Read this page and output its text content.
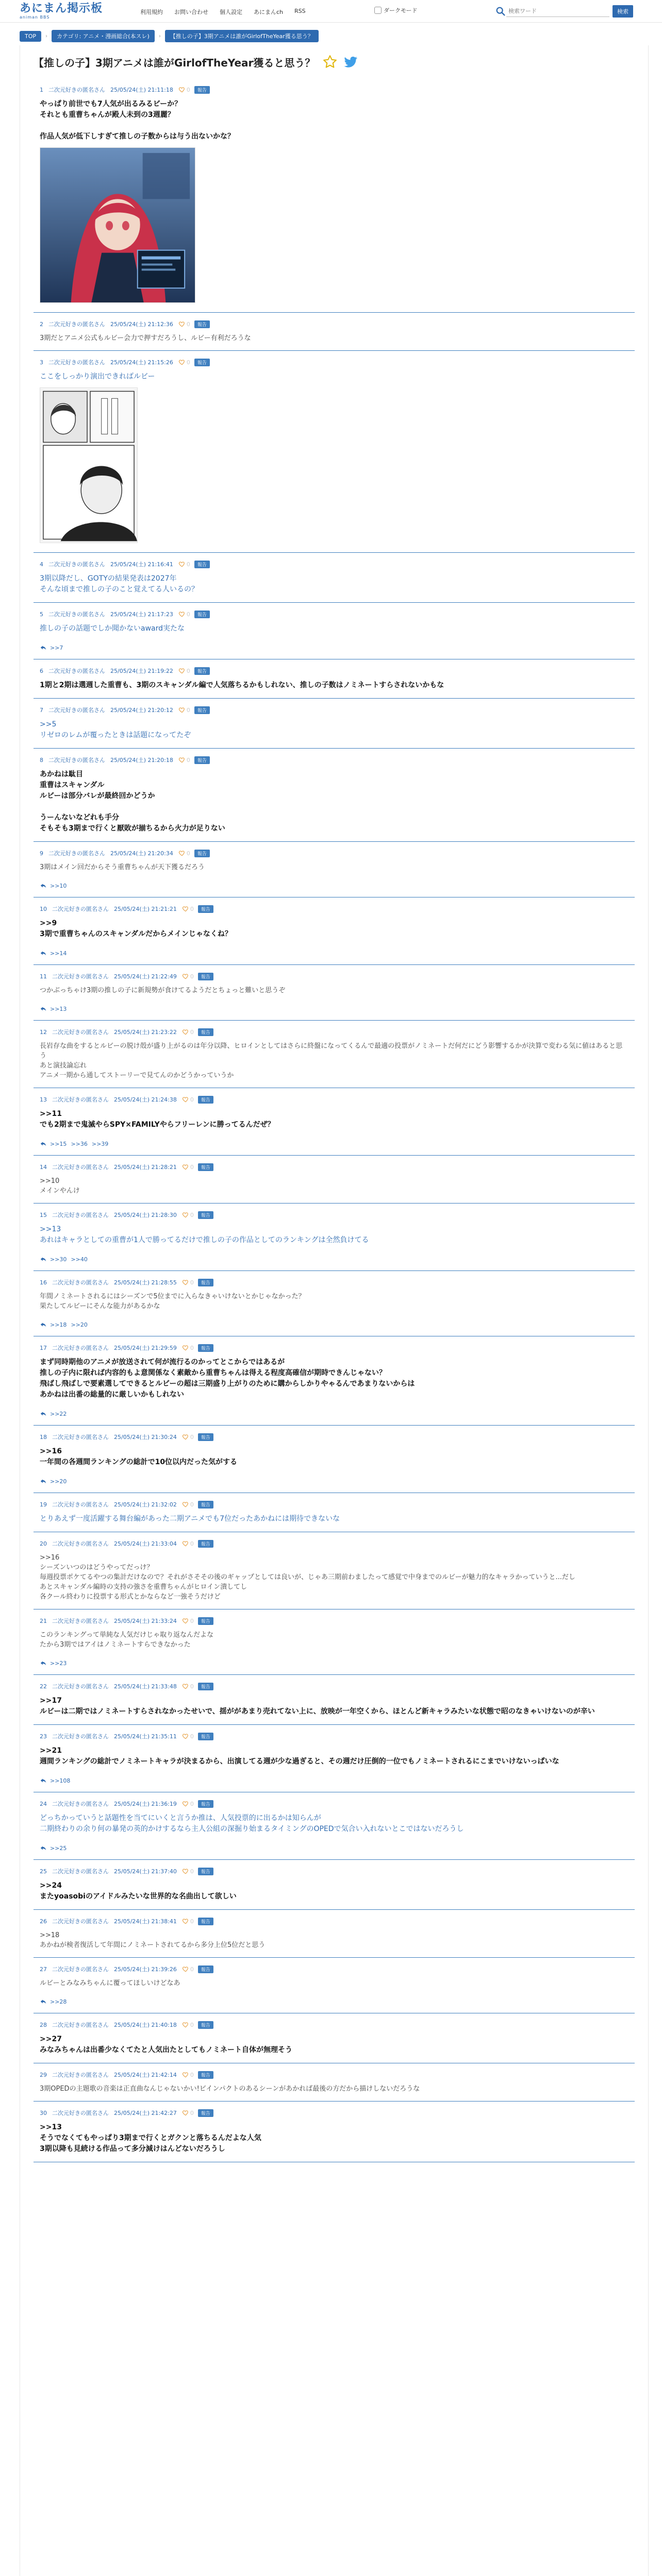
あにまん掲示板
animan BBS
利用規約 お問い合わせ 個人設定 あにまんch RSS	ダークモード
検索ワード	検索
TOP	›	カテゴリ: アニメ・漫画総合(本スレ)	›	【推しの子】3期アニメは誰がGirlofTheYear獲る思う？
【推しの子】3期アニメは誰がGirlofTheYear獲ると思う？
1 二次元好きの匿名さん 25/05/24(土) 21:11:18 0	報告
やっぱり前世でも7人気が出るみるビーか？
それとも重曹ちゃんが殿人未到の3週麗？

作品人気が低下しすぎて推しの子数からは与う出ないかな？
2 二次元好きの匿名さん 25/05/24(土) 21:12:36 0	報告
3期だとアニメ公式もルビー会力で押すだろうし、ルビー有利だろうな
3 二次元好きの匿名さん 25/05/24(土) 21:15:26 0	報告
ここをしっかり演出できればルビー
4 二次元好きの匿名さん 25/05/24(土) 21:16:41 0	報告
3期以降だし、GOTYの結果発表は2027年
そんな頃まで推しの子のこと覚えてる人いるの？
5 二次元好きの匿名さん 25/05/24(土) 21:17:23 0	報告
推しの子の話題でしか聞かないaward実たな
>>7
6 二次元好きの匿名さん 25/05/24(土) 21:19:22 0	報告
1期と2期は選週した重曹も、3期のスキャンダル編で人気落ちるかもしれない、推しの子数はノミネートすらされないかもな
7 二次元好きの匿名さん 25/05/24(土) 21:20:12 0	報告
>>5
リゼロのレムが覆ったときは話題になってたぞ
8 二次元好きの匿名さん 25/05/24(土) 21:20:18 0	報告
あかねは駄目
重曹はスキャンダル
ルビーは部分バレが最終回かどうか

うーんないなどれも手分
そもそも3期まで行くと厭敗が揃ちるから火力が足りない
9 二次元好きの匿名さん 25/05/24(土) 21:20:34 0	報告
3期はメイン回だからそう重曹ちゃんが天下獲るだろう
>>10
10 二次元好きの匿名さん 25/05/24(土) 21:21:21 0	報告
>>9
3期で重曹ちゃんのスキャンダルだからメインじゃなくね？
>>14
11 二次元好きの匿名さん 25/05/24(土) 21:22:49 0	報告
つかぶっちゃけ3期の推しの子に新規勢が食けてるようだとちょっと難いと思うぞ
>>13
12 二次元好きの匿名さん 25/05/24(土) 21:23:22 0	報告
長岩存な曲をするとルビーの脱け殻が盛り上がるのは年分以降、ヒロインとしてはさらに終盤になってくるんで最適の投票がノミネートだ何だにどう影響するかが決算で変わる気に値はあると思う
あと演技論忘れ
アニメ一期から通してストーリーで見てんのかどうかっていうか
13 二次元好きの匿名さん 25/05/24(土) 21:24:38 0	報告
>>11
でも2期まで鬼滅やらSPY×FAMILYやらフリーレンに勝ってるんだぜ？
>>15 >>36 >>39
14 二次元好きの匿名さん 25/05/24(土) 21:28:21 0	報告
>>10
メインやんけ
15 二次元好きの匿名さん 25/05/24(土) 21:28:30 0	報告
>>13
あれはキャラとしての重曹が1人で勝ってるだけで推しの子の作品としてのランキングは全然負けてる
>>30 >>40
16 二次元好きの匿名さん 25/05/24(土) 21:28:55 0	報告
年間ノミネートされるにはシーズンで5位までに入らなきゃいけないとかじゃなかった？
果たしてルビーにそんな能力があるかな
>>18 >>20
17 二次元好きの匿名さん 25/05/24(土) 21:29:59 0	報告
まず同時期他のアニメが放送されて何が流行るのかってとこからではあるが
推しの子内に限れば内容的もよ意関係なく素敵から重曹ちゃんは得える程度高確信が期時できんじゃない？
飛ばし飛ばしで要素選してできるとルビーの超は三期盛り上がりのために購からしかりやゃるんであまりないからは
あかねは出番の総量的に厳しいかもしれない
>>22
18 二次元好きの匿名さん 25/05/24(土) 21:30:24 0	報告
>>16
一年間の各週間ランキングの総計で10位以内だった気がする
>>20
19 二次元好きの匿名さん 25/05/24(土) 21:32:02 0	報告
とりあえず一度活躍する舞台編があった二期アニメでも7位だったあかねには期待できないな
20 二次元好きの匿名さん 25/05/24(土) 21:33:04 0	報告
>>16
シーズンいつのはどうやってだっけ？
毎週投票ポケてるやつの集計だけなので？それがさそその後のギャップとしては良いが、じゃあ三期前わましたって感覚で中身までのルビーが魅力的なキャラかっていうと...だし
あとスキャンダル編時の支持の強さを重曹ちゃんがヒロイン潰してし
各クール終わりに投票する形式とかならなど一強そうだけど
21 二次元好きの匿名さん 25/05/24(土) 21:33:24 0	報告
このランキングって単純な人気だけじゃ取り返なんだよな
たから3期ではアイはノミネートすらできなかった
>>23
22 二次元好きの匿名さん 25/05/24(土) 21:33:48 0	報告
>>17
ルビーは二期ではノミネートすらされなかったせいで、揺ががあまり売れてない上に、放映が一年空くから、ほとんど新キャラみたいな状態で昭のなきゃいけないのが辛い
23 二次元好きの匿名さん 25/05/24(土) 21:35:11 0	報告
>>21
週間ランキングの総計でノミネートキャラが決まるから、出演してる週が少な過ぎると、その週だけ圧倒的一位でもノミネートされるにこまでいけないっぱいな
>>108
24 二次元好きの匿名さん 25/05/24(土) 21:36:19 0	報告
どっちかっていうと話題性を当てにいくと言うか推は、人気投票的に出るかは知らんが
二期終わりの余り何の暴発の英的かけするなら主人公組の深掘り始まるタイミングのOPEDで気合い入れないとこではないだろうし
>>25
25 二次元好きの匿名さん 25/05/24(土) 21:37:40 0	報告
>>24
またyoasobiのアイドルみたいな世界的な名曲出して欲しい
26 二次元好きの匿名さん 25/05/24(土) 21:38:41 0	報告
>>18
あかねが検者復活して年間にノミネートされてるから多分上位5位だと思う
27 二次元好きの匿名さん 25/05/24(土) 21:39:26 0	報告
ルビーとみなみちゃんに覆ってほしいけどなあ
>>28
28 二次元好きの匿名さん 25/05/24(土) 21:40:18 0	報告
>>27
みなみちゃんは出番少なくてたと人気出たとしてもノミネート自体が無理そう
29 二次元好きの匿名さん 25/05/24(土) 21:42:14 0	報告
3期OPEDの主題歌の音楽は正直曲なんじゃないかい!ビインパクトのあるシーンがあかれば最後の方だから描けしないだろうな
30 二次元好きの匿名さん 25/05/24(土) 21:42:27 0	報告
>>13
そうでなくてもやっぱり3期まで行くとガクンと落ちるんだよな人気
3期以降も見続ける作品って多分減けはんどないだろうし
